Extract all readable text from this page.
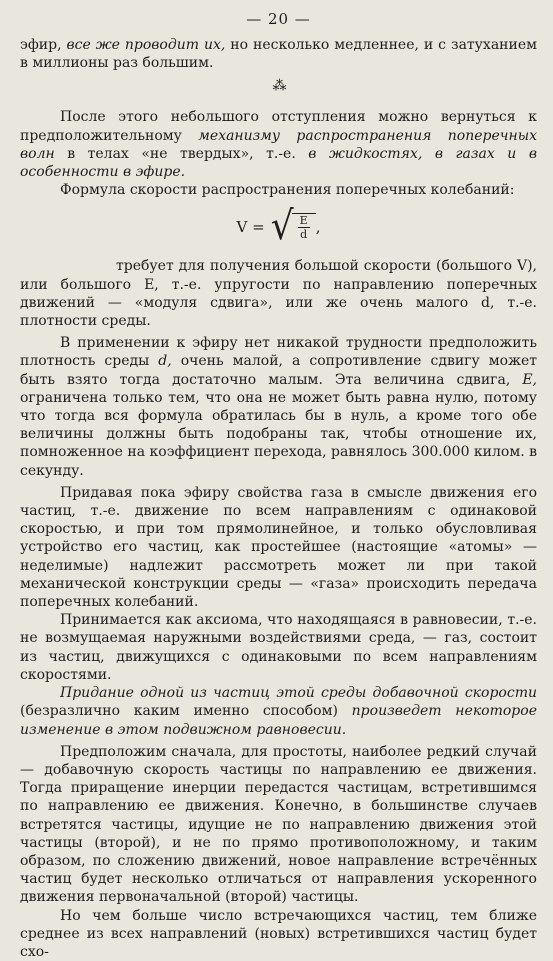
— 20 —

эфир, все же проводит их, но несколько медленнее, и с затуханием в миллионы раз большим.

⁂

После этого небольшого отступления можно вернуться к предположительному механизму распространения поперечных волн в телах «не твердых», т.-е. в жидкостях, в газах и в особенности в эфире.

Формула скорости распространения поперечных колебаний:

V = √
$\frac{E}{d}$ ,

требует для получения большой скорости (большого V), или большого E, т.-е. упругости по направлению поперечных движений — «модуля сдвига», или же очень малого d, т.-е. плотности среды.

В применении к эфиру нет никакой трудности предположить плотность среды d, очень малой, а сопротивление сдвигу может быть взято тогда достаточно малым. Эта величина сдвига, E, ограничена только тем, что она не может быть равна нулю, потому что тогда вся формула обратилась бы в нуль, а кроме того обе величины должны быть подобраны так, чтобы отношение их, помноженное на коэффициент перехода, равнялось 300.000 килом. в секунду.

Придавая пока эфиру свойства газа в смысле движения его частиц, т.-е. движение по всем направлениям с одинаковой скоростью, и при том прямолинейное, и только обусловливая устройство его частиц, как простейшее (настоящие «атомы» — неделимые) надлежит рассмотреть может ли при такой механической конструкции среды — «газа» происходить передача поперечных колебаний.

Принимается как аксиома, что находящаяся в равновесии, т.-е. не возмущаемая наружными воздействиями среда, — газ, состоит из частиц, движущихся с одинаковыми по всем направлениям скоростями.

Придание одной из частиц этой среды добавочной скорости (безразлично каким именно способом) произведет некоторое изменение в этом подвижном равновесии.

Предположим сначала, для простоты, наиболее редкий случай — добавочную скорость частицы по направлению ее движения. Тогда приращение инерции передастся частицам, встретившимся по направлению ее движения. Конечно, в большинстве случаев встретятся частицы, идущие не по направлению движения этой частицы (второй), и не по прямо противоположному, и таким образом, по сложению движений, новое направление встречённых частиц будет несколько отличаться от направления ускоренного движения первоначальной (второй) частицы.

Но чем больше число встречающихся частиц, тем ближе среднее из всех направлений (новых) встретившихся частиц будет схо-
